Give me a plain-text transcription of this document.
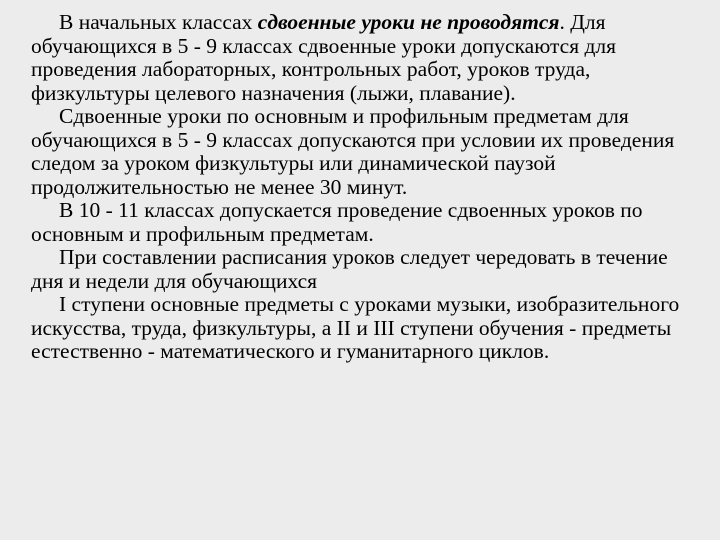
В начальных классах сдвоенные уроки не проводятся. Для обучающихся в 5 - 9 классах сдвоенные уроки допускаются для проведения лабораторных, контрольных работ, уроков труда, физкультуры целевого назначения (лыжи, плавание).

Сдвоенные уроки по основным и профильным предметам для обучающихся в 5 - 9 классах допускаются при условии их проведения следом за уроком физкультуры или динамической паузой продолжительностью не менее 30 минут.

В 10 - 11 классах допускается проведение сдвоенных уроков по основным и профильным предметам.

При составлении расписания уроков следует чередовать в течение дня и недели для обучающихся

I ступени основные предметы с уроками музыки, изобразительного искусства, труда, физкультуры, а II и III ступени обучения - предметы естественно - математического и гуманитарного циклов.
